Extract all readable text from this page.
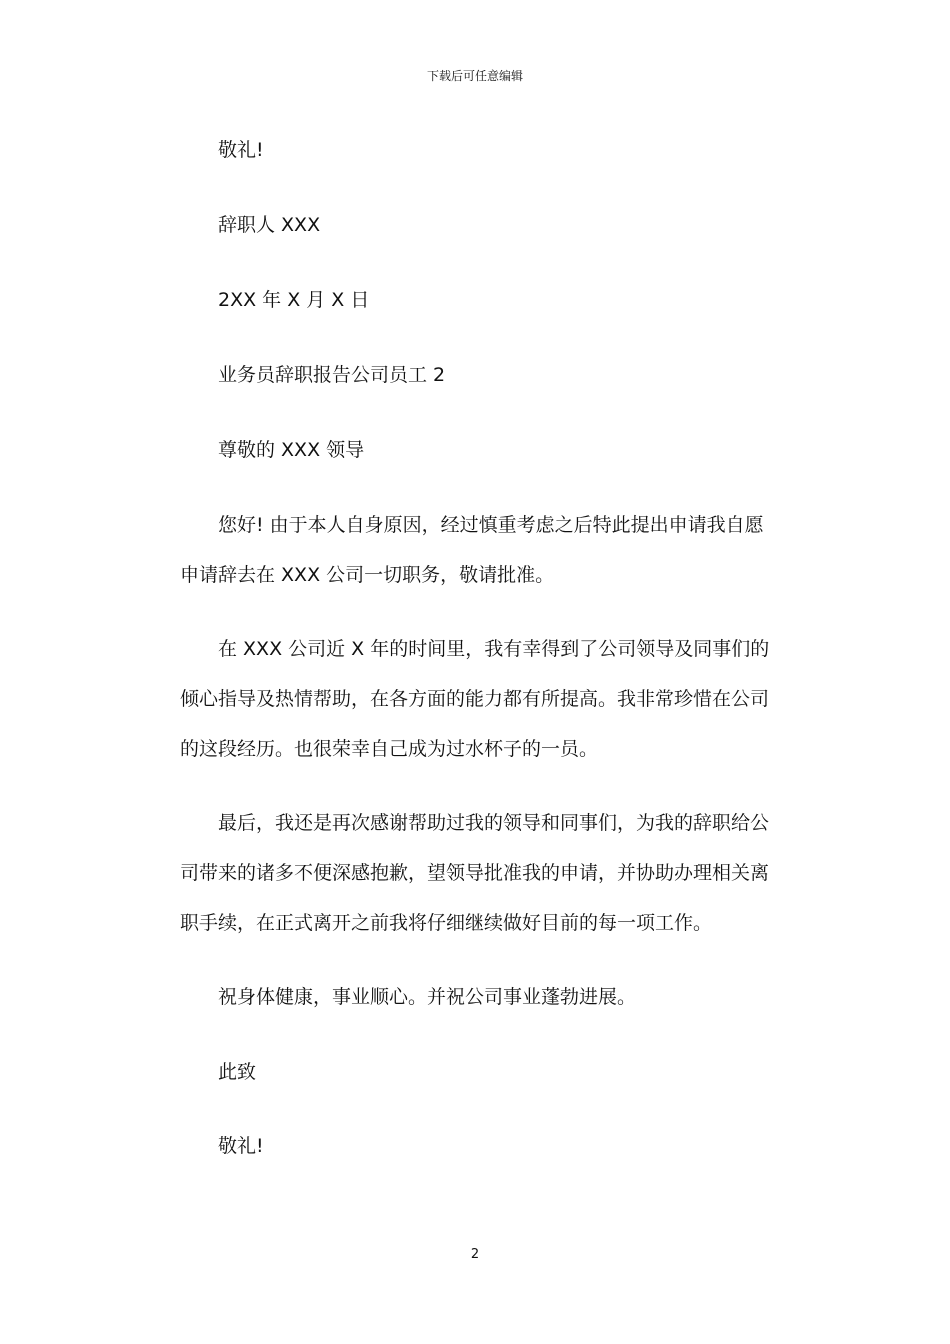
下载后可任意编辑

敬礼!

辞职人 XXX

2XX 年 X 月 X 日

业务员辞职报告公司员工 2

尊敬的 XXX 领导

您好! 由于本人自身原因，经过慎重考虑之后特此提出申请我自愿申请辞去在 XXX 公司一切职务，敬请批准。

在 XXX 公司近 X 年的时间里，我有幸得到了公司领导及同事们的倾心指导及热情帮助，在各方面的能力都有所提高。我非常珍惜在公司的这段经历。也很荣幸自己成为过水杯子的一员。

最后，我还是再次感谢帮助过我的领导和同事们，为我的辞职给公司带来的诸多不便深感抱歉，望领导批准我的申请，并协助办理相关离职手续，在正式离开之前我将仔细继续做好目前的每一项工作。

祝身体健康，事业顺心。并祝公司事业蓬勃进展。

此致

敬礼!

2
